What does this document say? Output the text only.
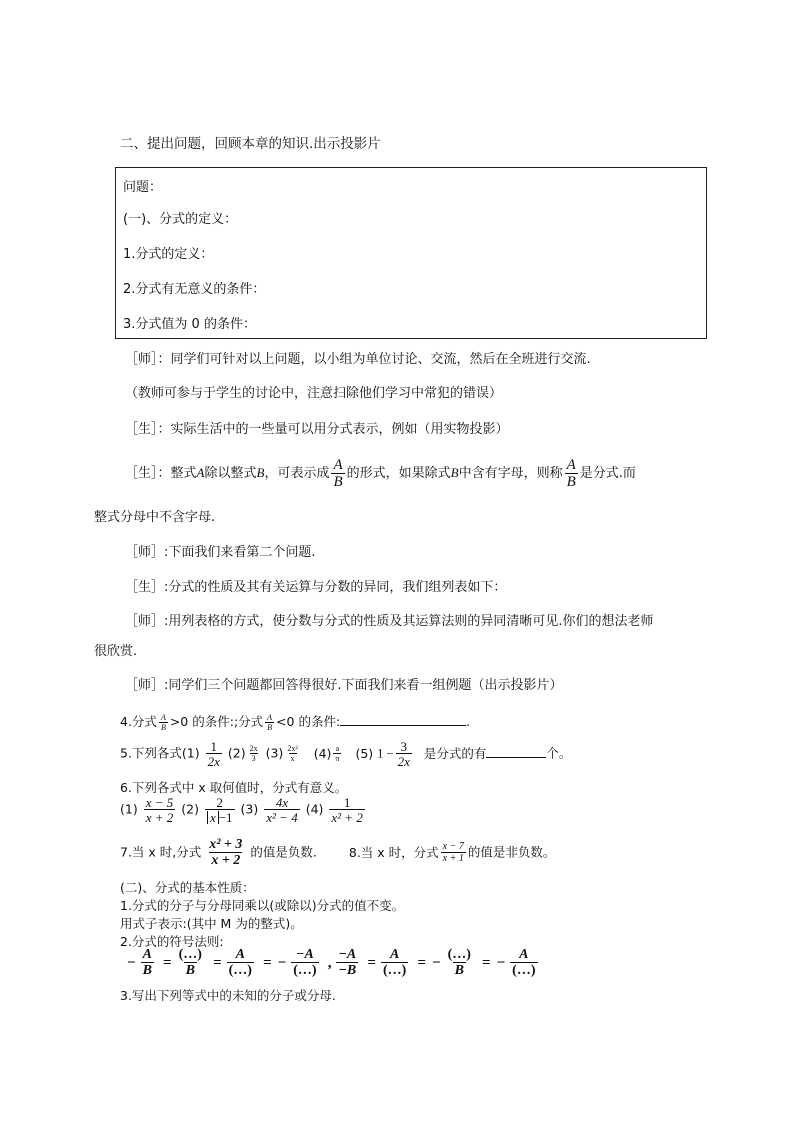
二、提出问题，回顾本章的知识.出示投影片
问题：
(一)、分式的定义：
1.分式的定义：
2.分式有无意义的条件：
3.分式值为 0 的条件：
［师］：同学们可针对以上问题，以小组为单位讨论、交流，然后在全班进行交流.
（教师可参与于学生的讨论中，注意扫除他们学习中常犯的错误）
［生］：实际生活中的一些量可以用分式表示，例如（用实物投影）
［生］：整式A除以整式B，可表示成 $\frac{A}{B}$ 的形式，如果除式B中含有字母，则称 $\frac{A}{B}$ 是分式.而
整式分母中不含字母.
［师］:下面我们来看第二个问题.
［生］:分式的性质及其有关运算与分数的异同，我们组列表如下：
［师］:用列表格的方式，使分数与分式的性质及其运算法则的异同清晰可见.你们的想法老师
很欣赏.
［师］:同学们三个问题都回答得很好.下面我们来看一组例题（出示投影片）
4.分式 $\frac{A}{B} >0$ 的条件:;分式 $\frac{A}{B} <0$ 的条件:	.
5.下列各式$(1) \frac{1}{2x} (2) \frac{2x}{3} (3) \frac{\text{2x²}}{x} (4) \frac{a}{\pi} (5) 1 - \frac{3}{2x}$ 是分式的有	个。
6.下列各式中 x 取何值时，分式有意义。
$(1) \frac{x - 5}{x + 2} (2) \frac{2}{x -1} (3) \frac{4x}{\text{x² − 4}} (4) \frac{1}{\text{x² + 2}}$
7.当 x 时,分式 $\frac{\text{x² + 3}}{x + 2}$ 的值是负数.	8.当 x 时，分式 $\frac{x - 7}{x + 1}$ 的值是非负数。
(二)、分式的基本性质：
1.分式的分子与分母同乘以(或除以)分式的值不变。
用式子表示:(其中 M 为的整式)。
2.分式的符号法则:
− $\frac{A}{B} = \frac{(\dots)}{B} = \frac{A}{(\dots)}$ = − $\frac{-A}{(\dots)}$ , $\frac{-A}{-B} = \frac{A}{(\dots)}$ = − $\frac{(\dots)}{B}$ = − $\frac{A}{(\dots)}$
3.写出下列等式中的未知的分子或分母.
